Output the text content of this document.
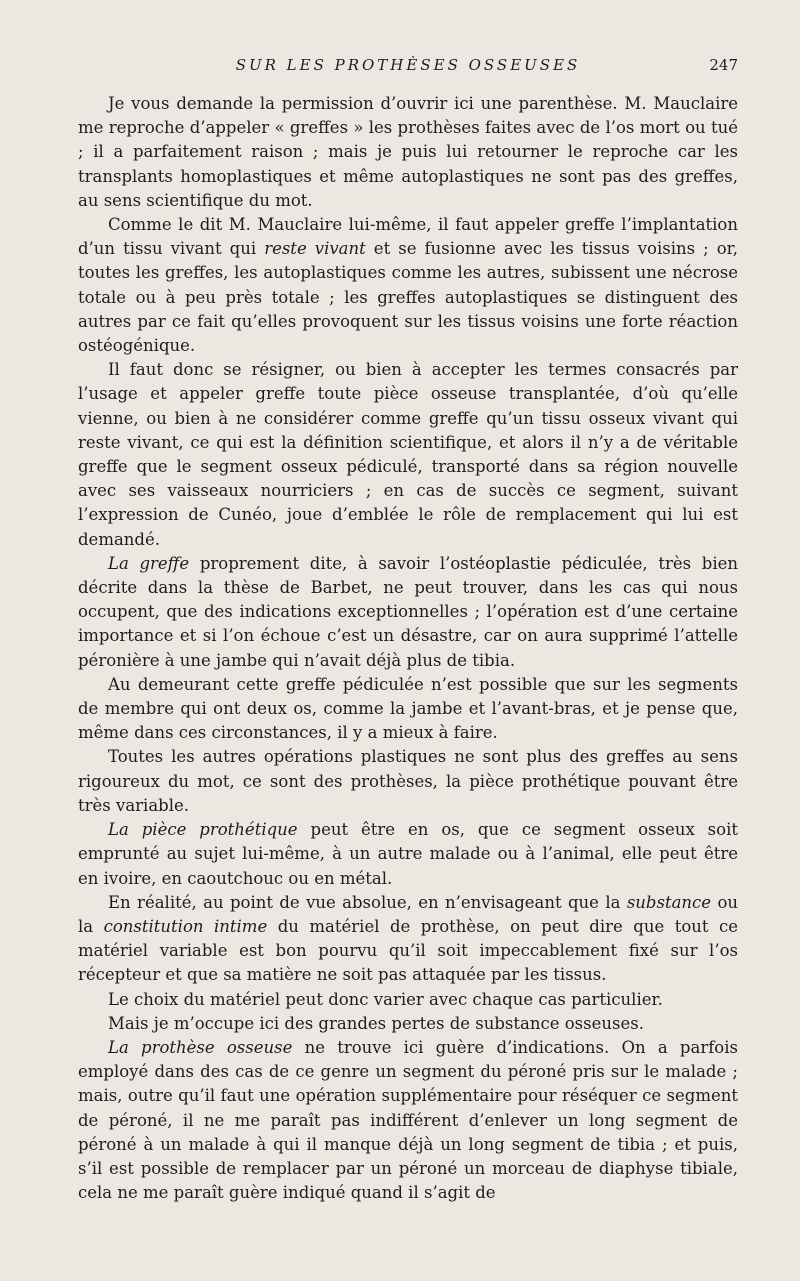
SUR LES PROTHÈSES OSSEUSES	247

Je vous demande la permission d’ouvrir ici une parenthèse. M. Mauclaire me reproche d’appeler « greffes » les prothèses faites avec de l’os mort ou tué ; il a parfaitement raison ; mais je puis lui retourner le reproche car les transplants homoplastiques et même autoplastiques ne sont pas des greffes, au sens scientifique du mot.

Comme le dit M. Mauclaire lui-même, il faut appeler greffe l’implantation d’un tissu vivant qui reste vivant et se fusionne avec les tissus voisins ; or, toutes les greffes, les autoplastiques comme les autres, subissent une nécrose totale ou à peu près totale ; les greffes autoplastiques se distinguent des autres par ce fait qu’elles provoquent sur les tissus voisins une forte réaction ostéogénique.

Il faut donc se résigner, ou bien à accepter les termes consacrés par l’usage et appeler greffe toute pièce osseuse transplantée, d’où qu’elle vienne, ou bien à ne considérer comme greffe qu’un tissu osseux vivant qui reste vivant, ce qui est la définition scientifique, et alors il n’y a de véritable greffe que le segment osseux pédiculé, transporté dans sa région nouvelle avec ses vaisseaux nourriciers ; en cas de succès ce segment, suivant l’expression de Cunéo, joue d’emblée le rôle de remplacement qui lui est demandé.

La greffe proprement dite, à savoir l’ostéoplastie pédiculée, très bien décrite dans la thèse de Barbet, ne peut trouver, dans les cas qui nous occupent, que des indications exceptionnelles ; l’opération est d’une certaine importance et si l’on échoue c’est un désastre, car on aura supprimé l’attelle péronière à une jambe qui n’avait déjà plus de tibia.

Au demeurant cette greffe pédiculée n’est possible que sur les segments de membre qui ont deux os, comme la jambe et l’avant-bras, et je pense que, même dans ces circonstances, il y a mieux à faire.

Toutes les autres opérations plastiques ne sont plus des greffes au sens rigoureux du mot, ce sont des prothèses, la pièce prothétique pouvant être très variable.

La pièce prothétique peut être en os, que ce segment osseux soit emprunté au sujet lui-même, à un autre malade ou à l’animal, elle peut être en ivoire, en caoutchouc ou en métal.

En réalité, au point de vue absolue, en n’envisageant que la substance ou la constitution intime du matériel de prothèse, on peut dire que tout ce matériel variable est bon pourvu qu’il soit impeccablement fixé sur l’os récepteur et que sa matière ne soit pas attaquée par les tissus.

Le choix du matériel peut donc varier avec chaque cas particulier.

Mais je m’occupe ici des grandes pertes de substance osseuses.

La prothèse osseuse ne trouve ici guère d’indications. On a parfois employé dans des cas de ce genre un segment du péroné pris sur le malade ; mais, outre qu’il faut une opération supplémentaire pour réséquer ce segment de péroné, il ne me paraît pas indifférent d’enlever un long segment de péroné à un malade à qui il manque déjà un long segment de tibia ; et puis, s’il est possible de remplacer par un péroné un morceau de diaphyse tibiale, cela ne me paraît guère indiqué quand il s’agit de
